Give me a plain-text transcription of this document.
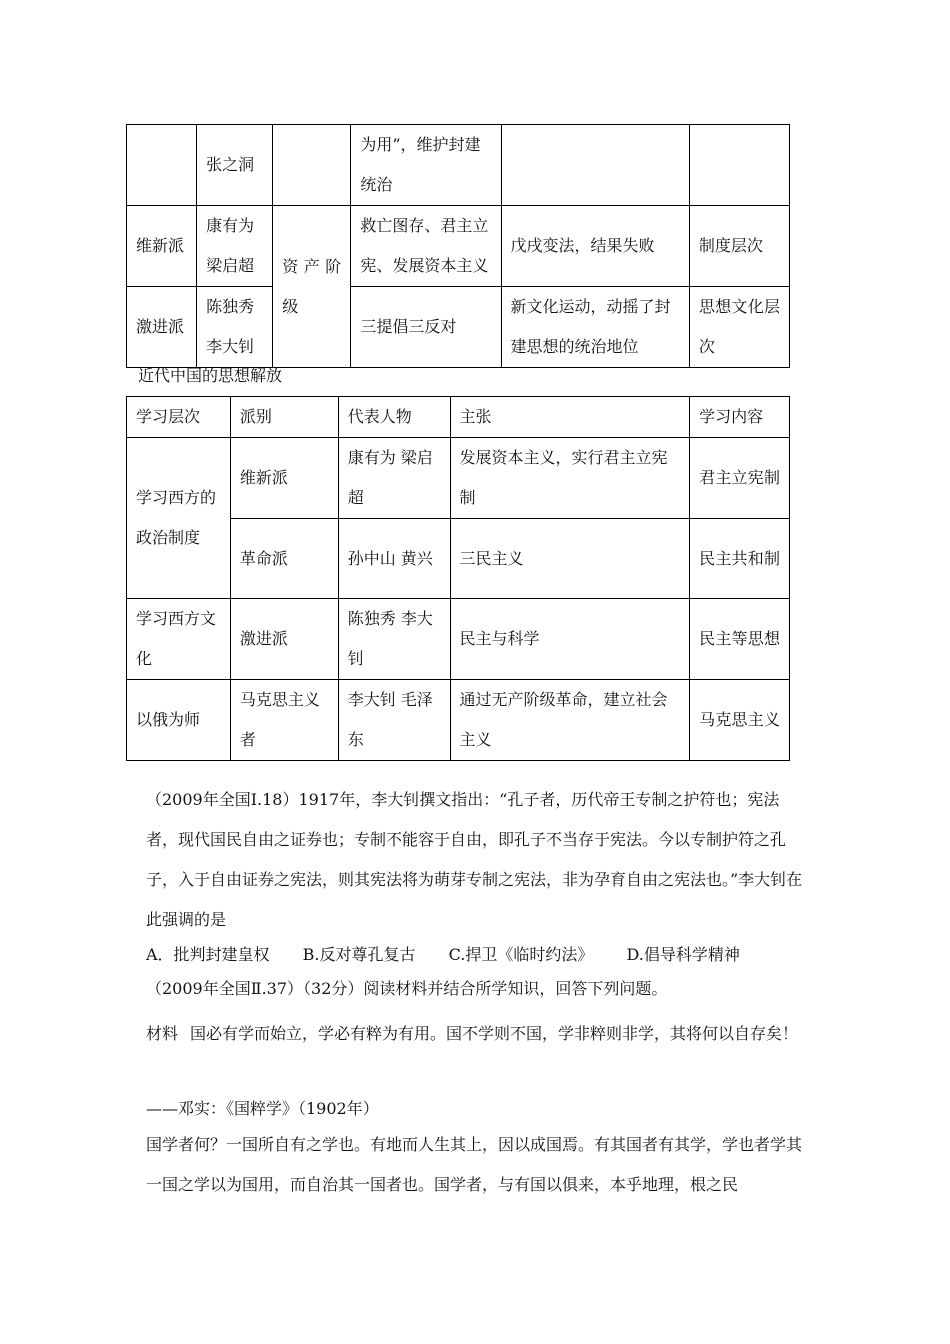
	张之洞		为用”，维护封建统治		
维新派	康有为梁启超	资产阶级	救亡图存、君主立宪、发展资本主义	戊戌变法，结果失败	制度层次
激进派	陈独秀李大钊		三提倡三反对	新文化运动，动摇了封建思想的统治地位	思想文化层次
近代中国的思想解放
学习层次	派别	代表人物	主张	学习内容
学习西方的政治制度	维新派	康有为 梁启超	发展资本主义，实行君主立宪制	君主立宪制
	革命派	孙中山 黄兴	三民主义	民主共和制
学习西方文化	激进派	陈独秀 李大钊	民主与科学	民主等思想
以俄为师	马克思主义者	李大钊 毛泽东	通过无产阶级革命，建立社会主义	马克思主义
（2009年全国Ⅰ.18）1917年，李大钊撰文指出：“孔子者，历代帝王专制之护符也；宪法者，现代国民自由之证券也；专制不能容于自由，即孔子不当存于宪法。今以专制护符之孔子，入于自由证券之宪法，则其宪法将为萌芽专制之宪法，非为孕育自由之宪法也。”李大钊在此强调的是
A．批判封建皇权 B.反对尊孔复古 C.捍卫《临时约法》 D.倡导科学精神
（2009年全国Ⅱ.37）（32分）阅读材料并结合所学知识，回答下列问题。
材料 国必有学而始立，学必有粹为有用。国不学则不国，学非粹则非学，其将何以自存矣！
——邓实：《国粹学》（1902年）
国学者何？一国所自有之学也。有地而人生其上，因以成国焉。有其国者有其学，学也者学其一国之学以为国用，而自治其一国者也。国学者，与有国以俱来，本乎地理，根之民
